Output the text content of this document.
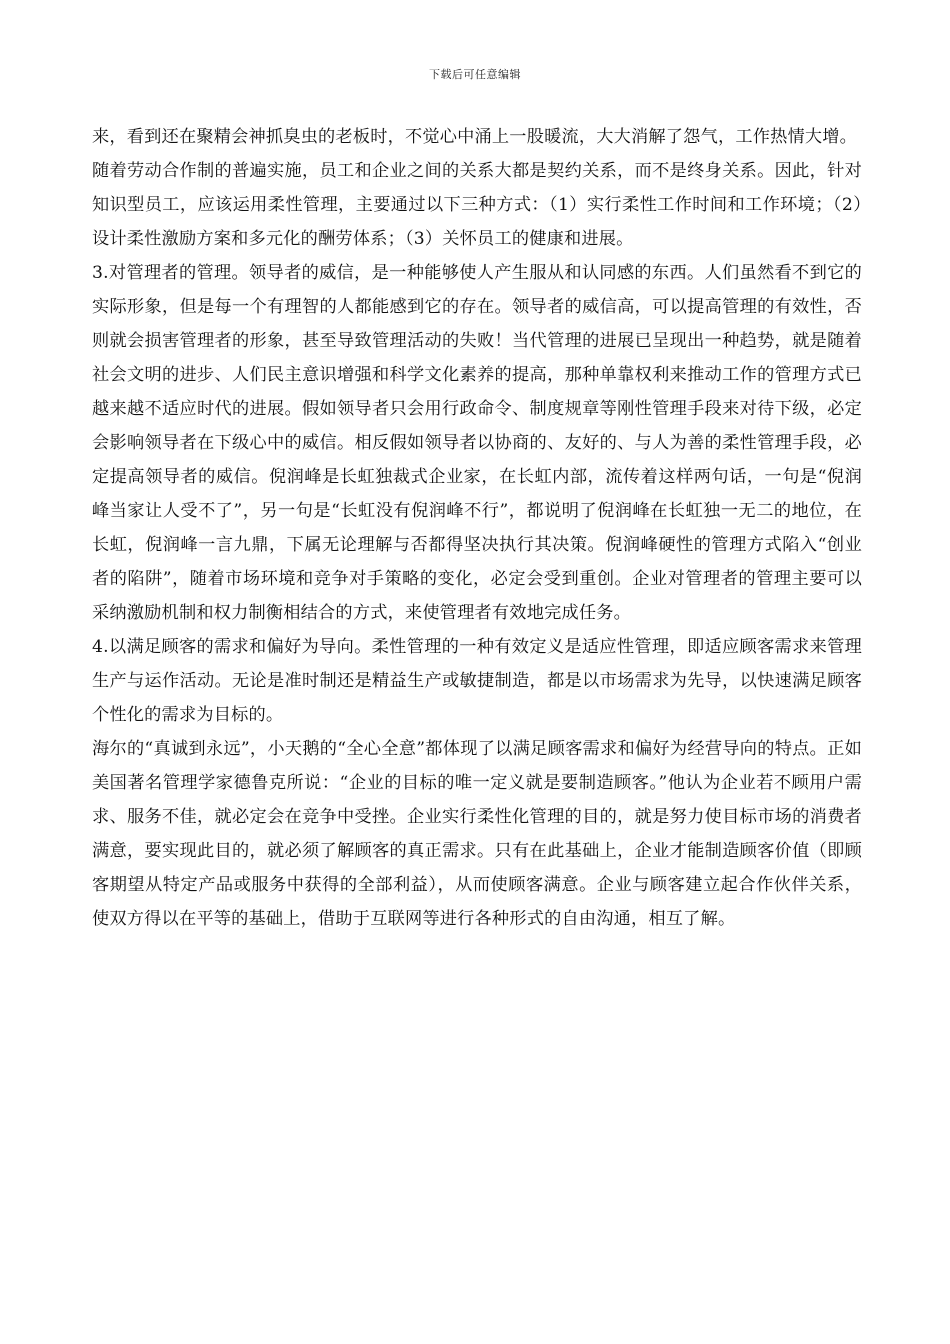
下载后可任意编辑

来，看到还在聚精会神抓臭虫的老板时，不觉心中涌上一股暖流，大大消解了怨气，工作热情大增。

随着劳动合作制的普遍实施，员工和企业之间的关系大都是契约关系，而不是终身关系。因此，针对知识型员工，应该运用柔性管理，主要通过以下三种方式：（1）实行柔性工作时间和工作环境；（2）设计柔性激励方案和多元化的酬劳体系；（3）关怀员工的健康和进展。

3.对管理者的管理。领导者的威信，是一种能够使人产生服从和认同感的东西。人们虽然看不到它的实际形象，但是每一个有理智的人都能感到它的存在。领导者的威信高，可以提高管理的有效性，否则就会损害管理者的形象，甚至导致管理活动的失败！当代管理的进展已呈现出一种趋势，就是随着社会文明的进步、人们民主意识增强和科学文化素养的提高，那种单靠权利来推动工作的管理方式已越来越不适应时代的进展。假如领导者只会用行政命令、制度规章等刚性管理手段来对待下级，必定会影响领导者在下级心中的威信。相反假如领导者以协商的、友好的、与人为善的柔性管理手段，必定提高领导者的威信。倪润峰是长虹独裁式企业家，在长虹内部，流传着这样两句话，一句是“倪润峰当家让人受不了”，另一句是“长虹没有倪润峰不行”，都说明了倪润峰在长虹独一无二的地位，在长虹，倪润峰一言九鼎，下属无论理解与否都得坚决执行其决策。倪润峰硬性的管理方式陷入“创业者的陷阱”，随着市场环境和竞争对手策略的变化，必定会受到重创。企业对管理者的管理主要可以采纳激励机制和权力制衡相结合的方式，来使管理者有效地完成任务。

4.以满足顾客的需求和偏好为导向。柔性管理的一种有效定义是适应性管理，即适应顾客需求来管理生产与运作活动。无论是准时制还是精益生产或敏捷制造，都是以市场需求为先导，以快速满足顾客个性化的需求为目标的。

海尔的“真诚到永远”，小天鹅的“全心全意”都体现了以满足顾客需求和偏好为经营导向的特点。正如美国著名管理学家德鲁克所说：“企业的目标的唯一定义就是要制造顾客。”他认为企业若不顾用户需求、服务不佳，就必定会在竞争中受挫。企业实行柔性化管理的目的，就是努力使目标市场的消费者满意，要实现此目的，就必须了解顾客的真正需求。只有在此基础上，企业才能制造顾客价值（即顾客期望从特定产品或服务中获得的全部利益），从而使顾客满意。企业与顾客建立起合作伙伴关系，使双方得以在平等的基础上，借助于互联网等进行各种形式的自由沟通，相互了解。
